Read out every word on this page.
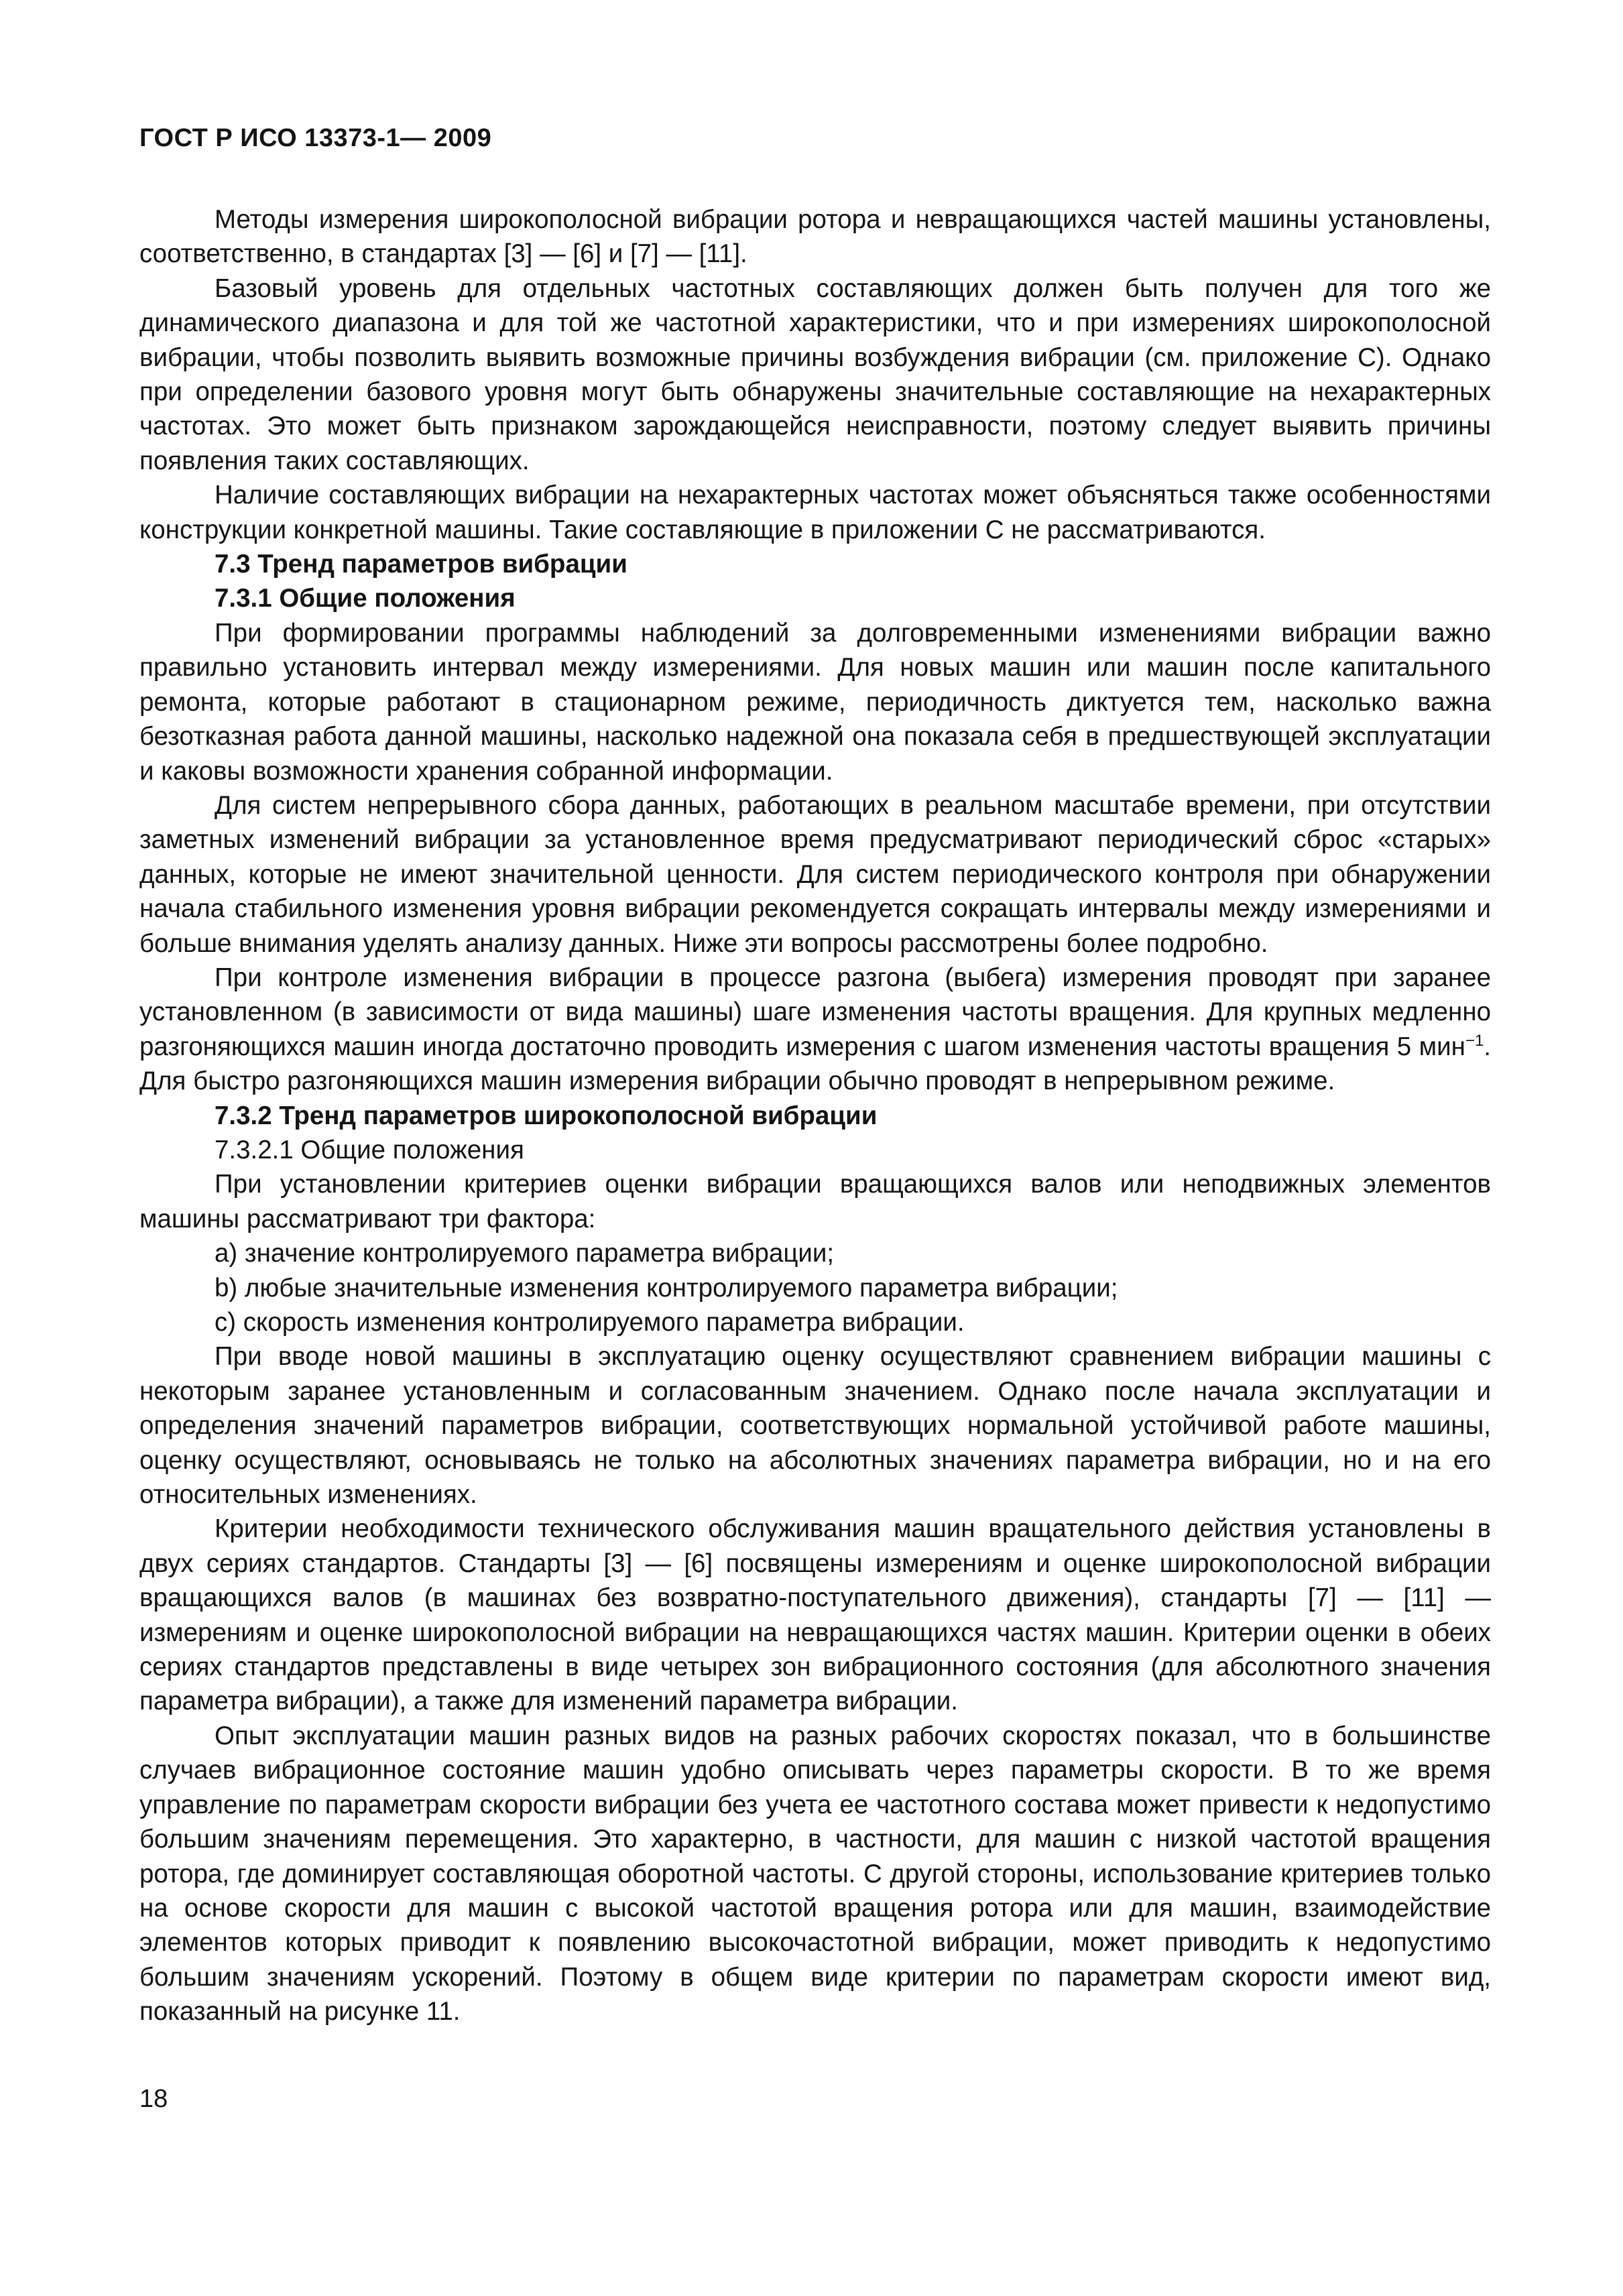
ГОСТ Р ИСО 13373-1— 2009

Методы измерения широкополосной вибрации ротора и невращающихся частей машины установлены, соответственно, в стандартах [3] — [6] и [7] — [11].

Базовый уровень для отдельных частотных составляющих должен быть получен для того же динамического диапазона и для той же частотной характеристики, что и при измерениях широкополосной вибрации, чтобы позволить выявить возможные причины возбуждения вибрации (см. приложение С). Однако при определении базового уровня могут быть обнаружены значительные составляющие на нехарактерных частотах. Это может быть признаком зарождающейся неисправности, поэтому следует выявить причины появления таких составляющих.

Наличие составляющих вибрации на нехарактерных частотах может объясняться также особенностями конструкции конкретной машины. Такие составляющие в приложении С не рассматриваются.

7.3 Тренд параметров вибрации
7.3.1 Общие положения

При формировании программы наблюдений за долговременными изменениями вибрации важно правильно установить интервал между измерениями. Для новых машин или машин после капитального ремонта, которые работают в стационарном режиме, периодичность диктуется тем, насколько важна безотказная работа данной машины, насколько надежной она показала себя в предшествующей эксплуатации и каковы возможности хранения собранной информации.

Для систем непрерывного сбора данных, работающих в реальном масштабе времени, при отсутствии заметных изменений вибрации за установленное время предусматривают периодический сброс «старых» данных, которые не имеют значительной ценности. Для систем периодического контроля при обнаружении начала стабильного изменения уровня вибрации рекомендуется сокращать интервалы между измерениями и больше внимания уделять анализу данных. Ниже эти вопросы рассмотрены более подробно.

При контроле изменения вибрации в процессе разгона (выбега) измерения проводят при заранее установленном (в зависимости от вида машины) шаге изменения частоты вращения. Для крупных медленно разгоняющихся машин иногда достаточно проводить измерения с шагом изменения частоты вращения 5 мин$^{-1}$. Для быстро разгоняющихся машин измерения вибрации обычно проводят в непрерывном режиме.

7.3.2 Тренд параметров широкополосной вибрации
7.3.2.1 Общие положения

При установлении критериев оценки вибрации вращающихся валов или неподвижных элементов машины рассматривают три фактора:

a) значение контролируемого параметра вибрации;
b) любые значительные изменения контролируемого параметра вибрации;
c) скорость изменения контролируемого параметра вибрации.

При вводе новой машины в эксплуатацию оценку осуществляют сравнением вибрации машины с некоторым заранее установленным и согласованным значением. Однако после начала эксплуатации и определения значений параметров вибрации, соответствующих нормальной устойчивой работе машины, оценку осуществляют, основываясь не только на абсолютных значениях параметра вибрации, но и на его относительных изменениях.

Критерии необходимости технического обслуживания машин вращательного действия установлены в двух сериях стандартов. Стандарты [3] — [6] посвящены измерениям и оценке широкополосной вибрации вращающихся валов (в машинах без возвратно-поступательного движения), стандарты [7] — [11] — измерениям и оценке широкополосной вибрации на невращающихся частях машин. Критерии оценки в обеих сериях стандартов представлены в виде четырех зон вибрационного состояния (для абсолютного значения параметра вибрации), а также для изменений параметра вибрации.

Опыт эксплуатации машин разных видов на разных рабочих скоростях показал, что в большинстве случаев вибрационное состояние машин удобно описывать через параметры скорости. В то же время управление по параметрам скорости вибрации без учета ее частотного состава может привести к недопустимо большим значениям перемещения. Это характерно, в частности, для машин с низкой частотой вращения ротора, где доминирует составляющая оборотной частоты. С другой стороны, использование критериев только на основе скорости для машин с высокой частотой вращения ротора или для машин, взаимодействие элементов которых приводит к появлению высокочастотной вибрации, может приводить к недопустимо большим значениям ускорений. Поэтому в общем виде критерии по параметрам скорости имеют вид, показанный на рисунке 11.

18
